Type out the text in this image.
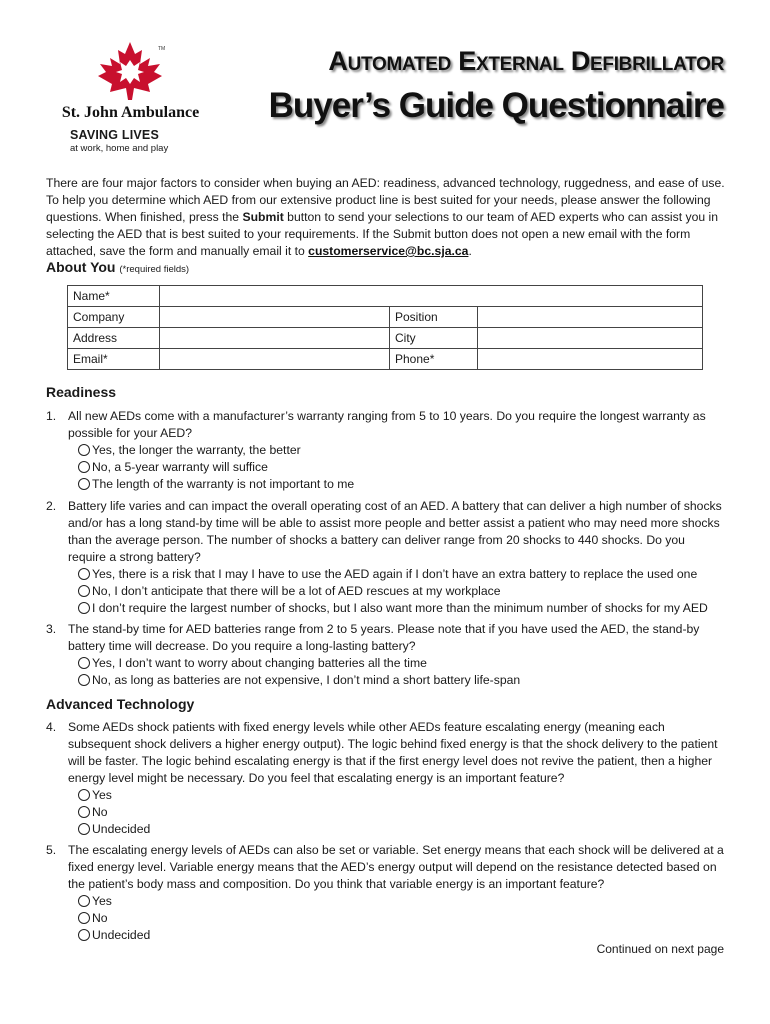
TM
St. John Ambulance
SAVING LIVES
at work, home and play
Automated External Defibrillator
Buyer’s Guide Questionnaire
There are four major factors to consider when buying an AED: readiness, advanced technology, ruggedness, and ease of use. To help you determine which AED from our extensive product line is best suited for your needs, please answer the following questions. When finished, press the Submit button to send your selections to our team of AED experts who can assist you in selecting the AED that is best suited to your requirements. If the Submit button does not open a new email with the form attached, save the form and manually email it to customerservice@bc.sja.ca.
About You (*required fields)
Name*			
Company		Position	
Address		City	
Email*		Phone*	
Readiness
1. All new AEDs come with a manufacturer’s warranty ranging from 5 to 10 years. Do you require the longest warranty as possible for your AED?
Yes, the longer the warranty, the better
No, a 5-year warranty will suffice
The length of the warranty is not important to me
2. Battery life varies and can impact the overall operating cost of an AED. A battery that can deliver a high number of shocks and/or has a long stand-by time will be able to assist more people and better assist a patient who may need more shocks than the average person. The number of shocks a battery can deliver range from 20 shocks to 440 shocks. Do you require a strong battery?
Yes, there is a risk that I may I have to use the AED again if I don’t have an extra battery to replace the used one
No, I don’t anticipate that there will be a lot of AED rescues at my workplace
I don’t require the largest number of shocks, but I also want more than the minimum number of shocks for my AED
3. The stand-by time for AED batteries range from 2 to 5 years. Please note that if you have used the AED, the stand-by battery time will decrease. Do you require a long-lasting battery?
Yes, I don’t want to worry about changing batteries all the time
No, as long as batteries are not expensive, I don’t mind a short battery life-span
Advanced Technology
4. Some AEDs shock patients with fixed energy levels while other AEDs feature escalating energy (meaning each subsequent shock delivers a higher energy output). The logic behind fixed energy is that the shock delivery to the patient will be faster. The logic behind escalating energy is that if the first energy level does not revive the patient, then a higher energy level might be necessary. Do you feel that escalating energy is an important feature?
Yes
No
Undecided
5. The escalating energy levels of AEDs can also be set or variable. Set energy means that each shock will be delivered at a fixed energy level. Variable energy means that the AED’s energy output will depend on the resistance detected based on the patient’s body mass and composition. Do you think that variable energy is an important feature?
Yes
No
Undecided
Continued on next page
